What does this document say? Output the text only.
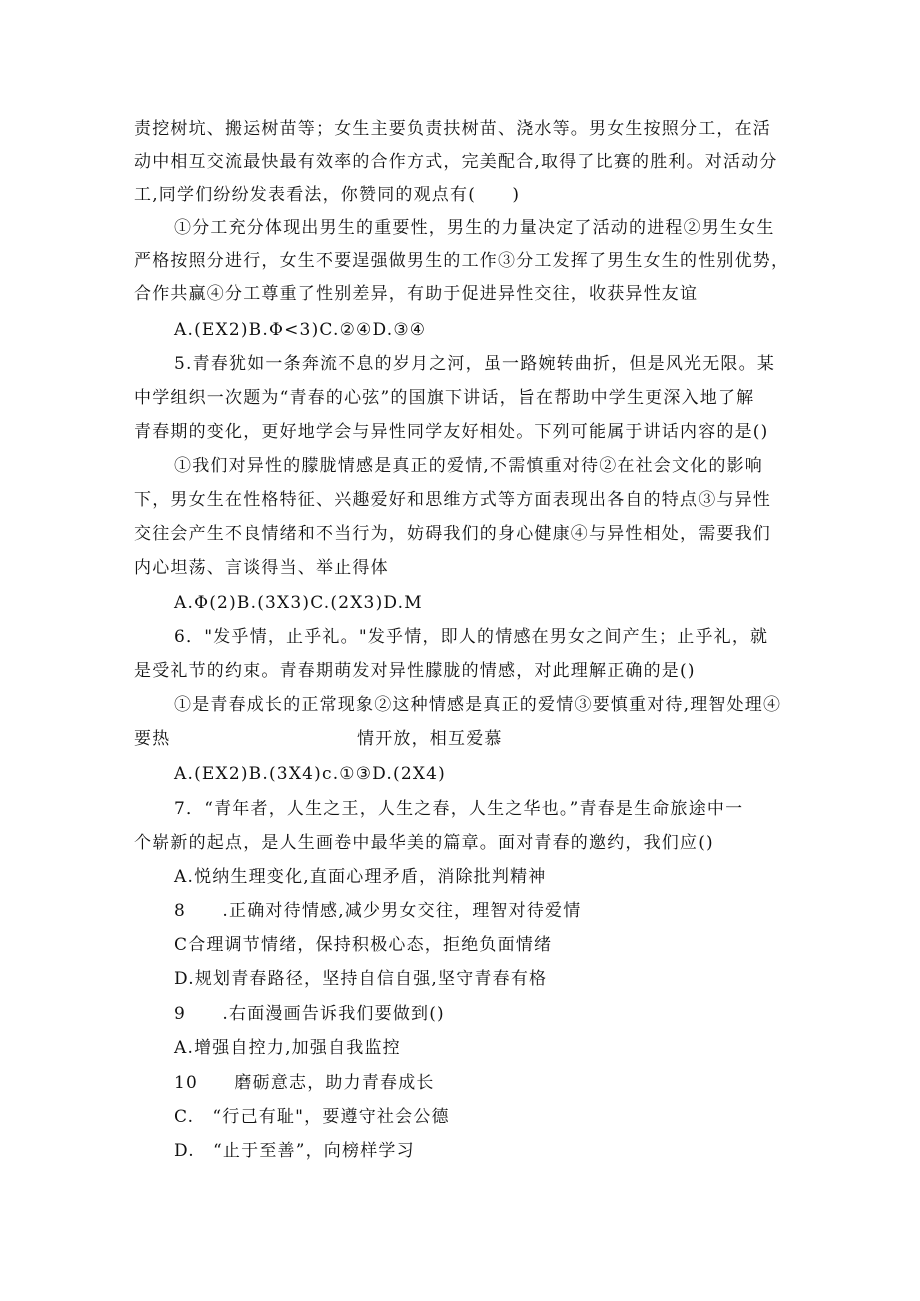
责挖树坑、搬运树苗等；女生主要负责扶树苗、浇水等。男女生按照分工，在活
动中相互交流最快最有效率的合作方式，完美配合,取得了比赛的胜利。对活动分
工,同学们纷纷发表看法，你赞同的观点有(　　)
①分工充分体现出男生的重要性，男生的力量决定了活动的进程②男生女生
严格按照分进行，女生不要逞强做男生的工作③分工发挥了男生女生的性别优势，
合作共赢④分工尊重了性别差异，有助于促进异性交往，收获异性友谊
A.(EX2)B.Φ<3)C.②④D.③④
5.青春犹如一条奔流不息的岁月之河，虽一路婉转曲折，但是风光无限。某
中学组织一次题为“青春的心弦”的国旗下讲话，旨在帮助中学生更深入地了解
青春期的变化，更好地学会与异性同学友好相处。下列可能属于讲话内容的是()
①我们对异性的朦胧情感是真正的爱情,不需慎重对待②在社会文化的影响
下，男女生在性格特征、兴趣爱好和思维方式等方面表现出各自的特点③与异性
交往会产生不良情绪和不当行为，妨碍我们的身心健康④与异性相处，需要我们
内心坦荡、言谈得当、举止得体
A.Φ(2)B.(3X3)C.(2X3)D.M
6．"发乎情，止乎礼。"发乎情，即人的情感在男女之间产生；止乎礼，就
是受礼节的约束。青春期萌发对异性朦胧的情感，对此理解正确的是()
①是青春成长的正常现象②这种情感是真正的爱情③要慎重对待,理智处理④
要热	情开放，相互爱慕
A.(EX2)B.(3X4)c.①③D.(2X4)
7．“青年者，人生之王，人生之春，人生之华也。”青春是生命旅途中一
个崭新的起点，是人生画卷中最华美的篇章。面对青春的邀约，我们应()
A.悦纳生理变化,直面心理矛盾，消除批判精神
8　　.正确对待情感,减少男女交往，理智对待爱情
C合理调节情绪，保持积极心态，拒绝负面情绪
D.规划青春路径，坚持自信自强,坚守青春有格
9　　.右面漫画告诉我们要做到()
A.增强自控力,加强自我监控
10　　磨砺意志，助力青春成长
C.　“行己有耻"，要遵守社会公德
D.　“止于至善”，向榜样学习
